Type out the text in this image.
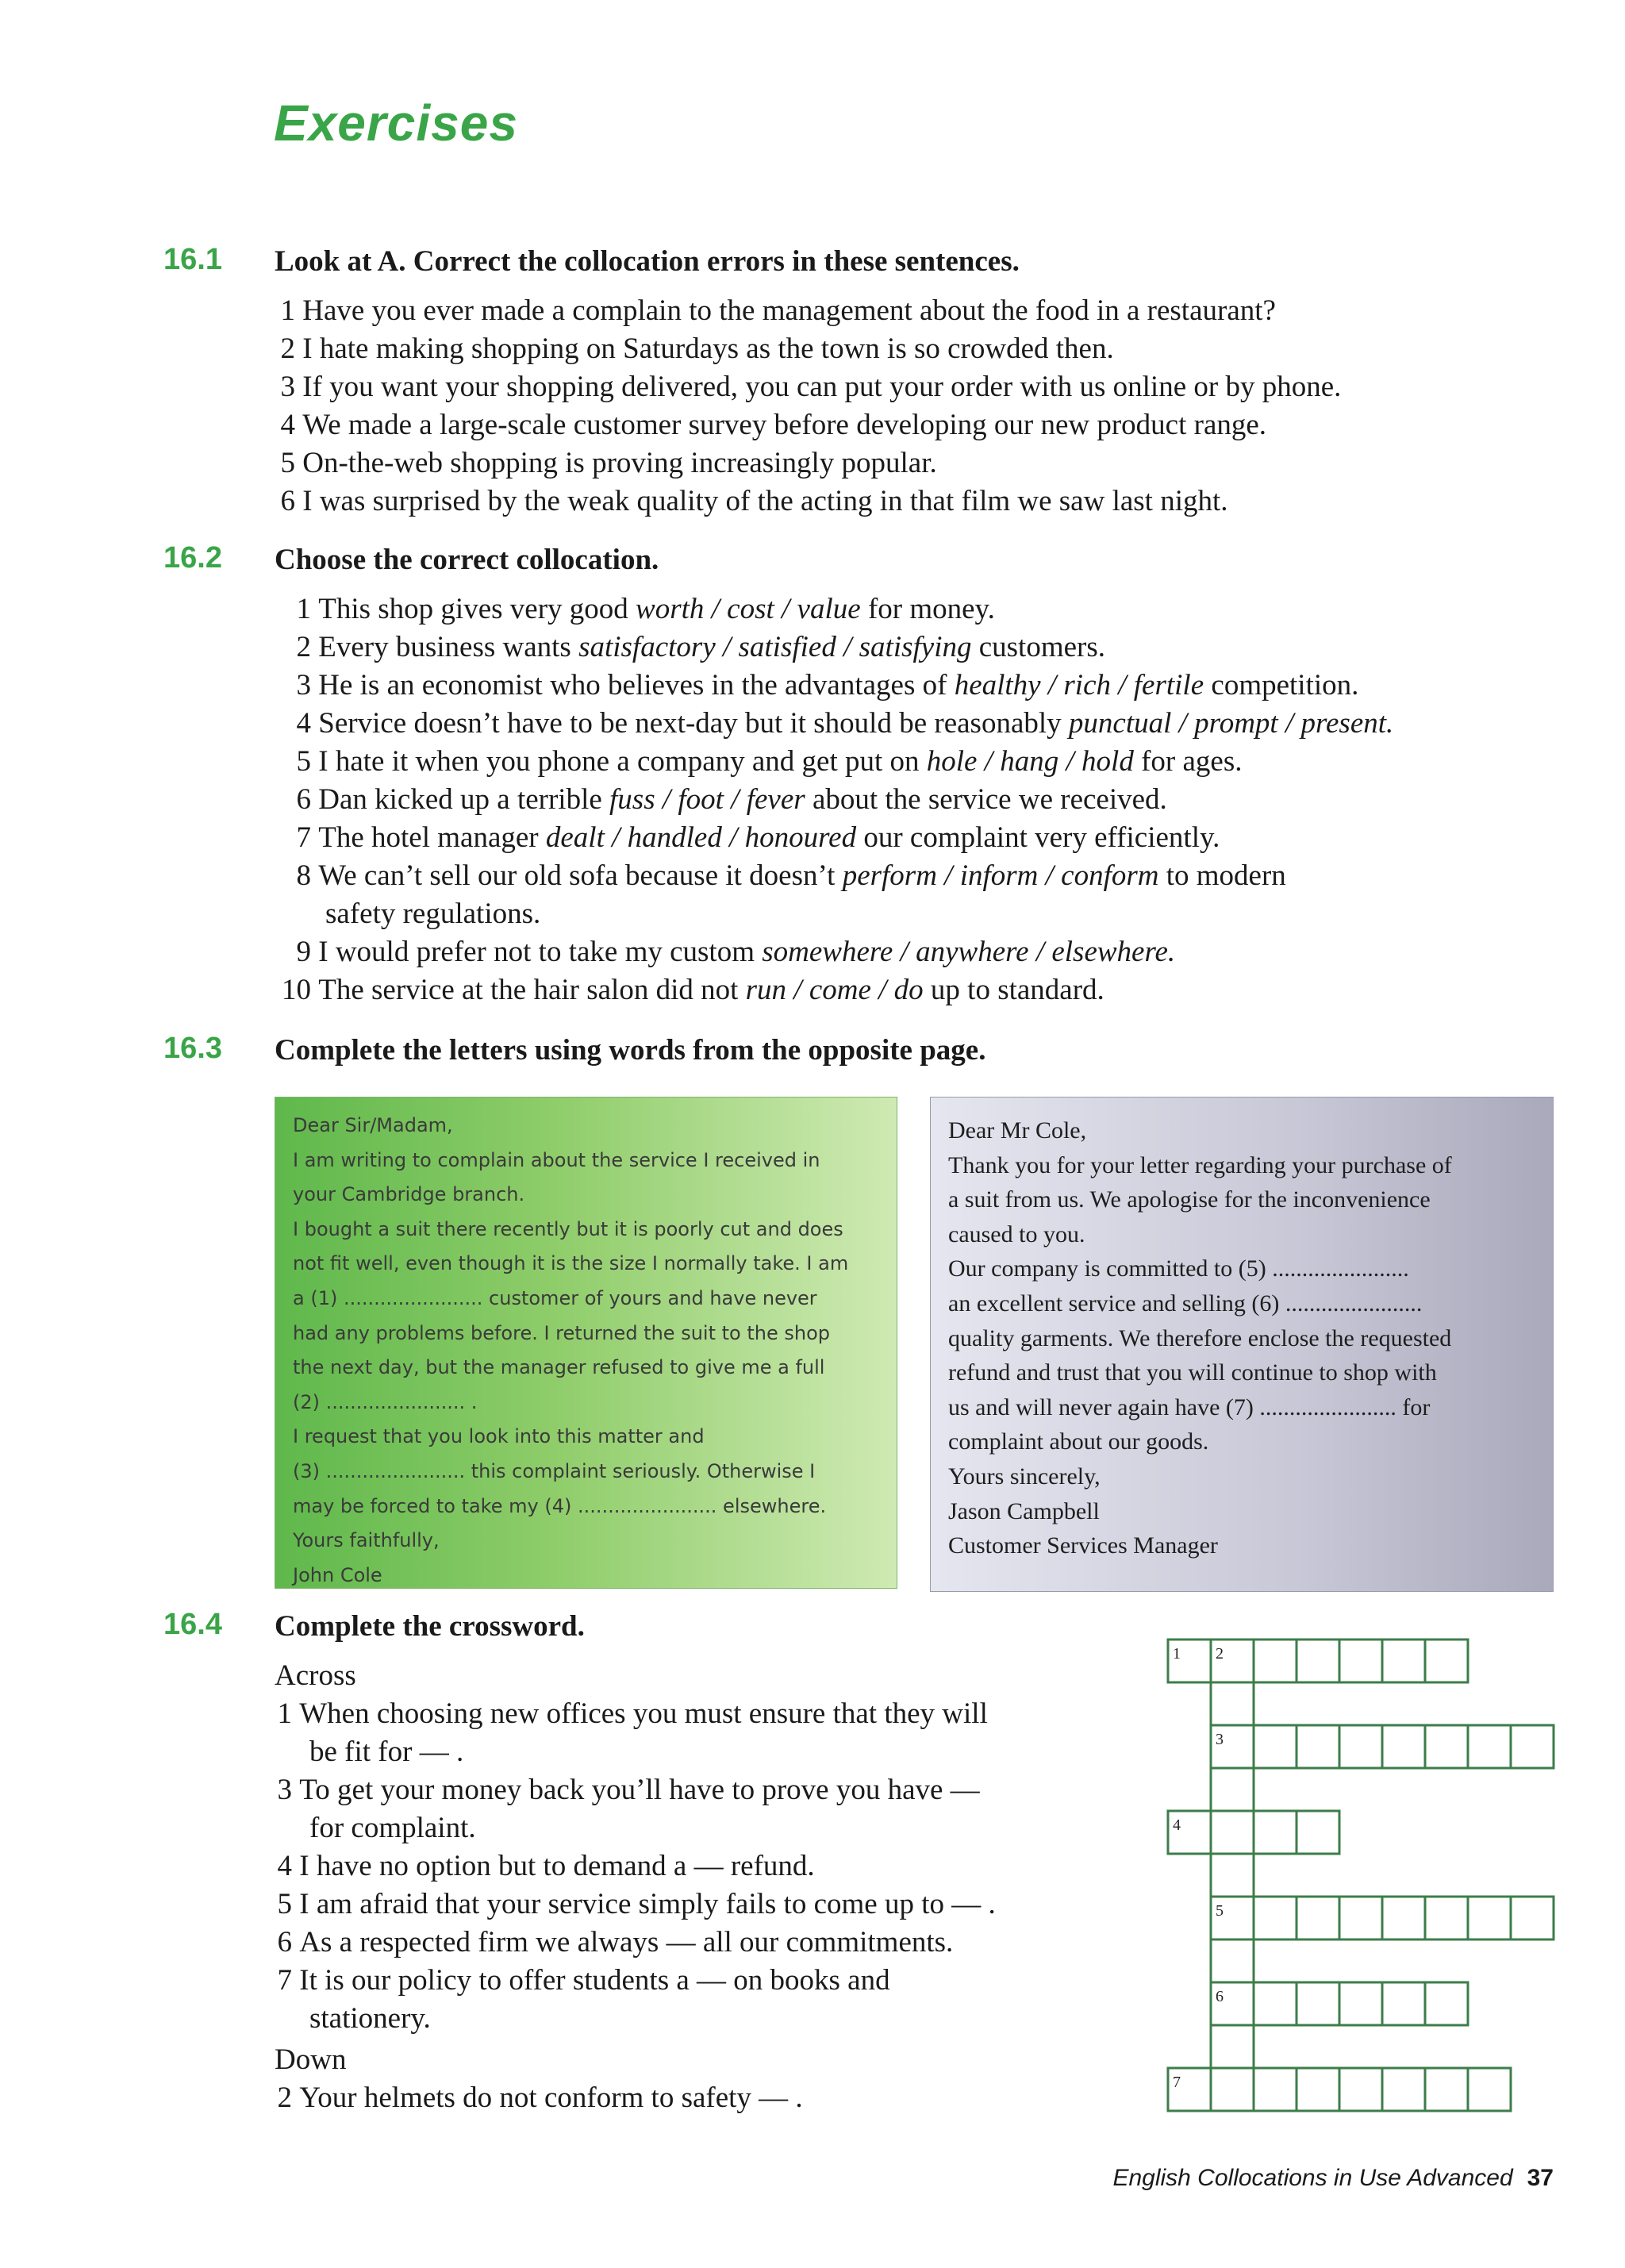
Exercises
16.1 Look at A. Correct the collocation errors in these sentences.
1 Have you ever made a complain to the management about the food in a restaurant?
2 I hate making shopping on Saturdays as the town is so crowded then.
3 If you want your shopping delivered, you can put your order with us online or by phone.
4 We made a large-scale customer survey before developing our new product range.
5 On-the-web shopping is proving increasingly popular.
6 I was surprised by the weak quality of the acting in that film we saw last night.
16.2 Choose the correct collocation.
1 This shop gives very good worth / cost / value for money.
2 Every business wants satisfactory / satisfied / satisfying customers.
3 He is an economist who believes in the advantages of healthy / rich / fertile competition.
4 Service doesn’t have to be next-day but it should be reasonably punctual / prompt / present.
5 I hate it when you phone a company and get put on hole / hang / hold for ages.
6 Dan kicked up a terrible fuss / foot / fever about the service we received.
7 The hotel manager dealt / handled / honoured our complaint very efficiently.
8 We can’t sell our old sofa because it doesn’t perform / inform / conform to modern
safety regulations.
9 I would prefer not to take my custom somewhere / anywhere / elsewhere.
10 The service at the hair salon did not run / come / do up to standard.
16.3 Complete the letters using words from the opposite page.
Dear Sir/Madam,
I am writing to complain about the service I received in
your Cambridge branch.
I bought a suit there recently but it is poorly cut and does
not fit well, even though it is the size I normally take. I am
a (1) ....................... customer of yours and have never
had any problems before. I returned the suit to the shop
the next day, but the manager refused to give me a full
(2) ....................... .
I request that you look into this matter and
(3) ....................... this complaint seriously. Otherwise I
may be forced to take my (4) ....................... elsewhere.
Yours faithfully,
John Cole
Dear Mr Cole,
Thank you for your letter regarding your purchase of
a suit from us. We apologise for the inconvenience
caused to you.
Our company is committed to (5) .......................
an excellent service and selling (6) .......................
quality garments. We therefore enclose the requested
refund and trust that you will continue to shop with
us and will never again have (7) ....................... for
complaint about our goods.
Yours sincerely,
Jason Campbell
Customer Services Manager
16.4 Complete the crossword.
Across
1 When choosing new offices you must ensure that they will
be fit for — .
3 To get your money back you’ll have to prove you have —
for complaint.
4 I have no option but to demand a — refund.
5 I am afraid that your service simply fails to come up to — .
6 As a respected firm we always — all our commitments.
7 It is our policy to offer students a — on books and
stationery.
Down
2 Your helmets do not conform to safety — .
1 2
3
4
5
6
7
English Collocations in Use Advanced 37
